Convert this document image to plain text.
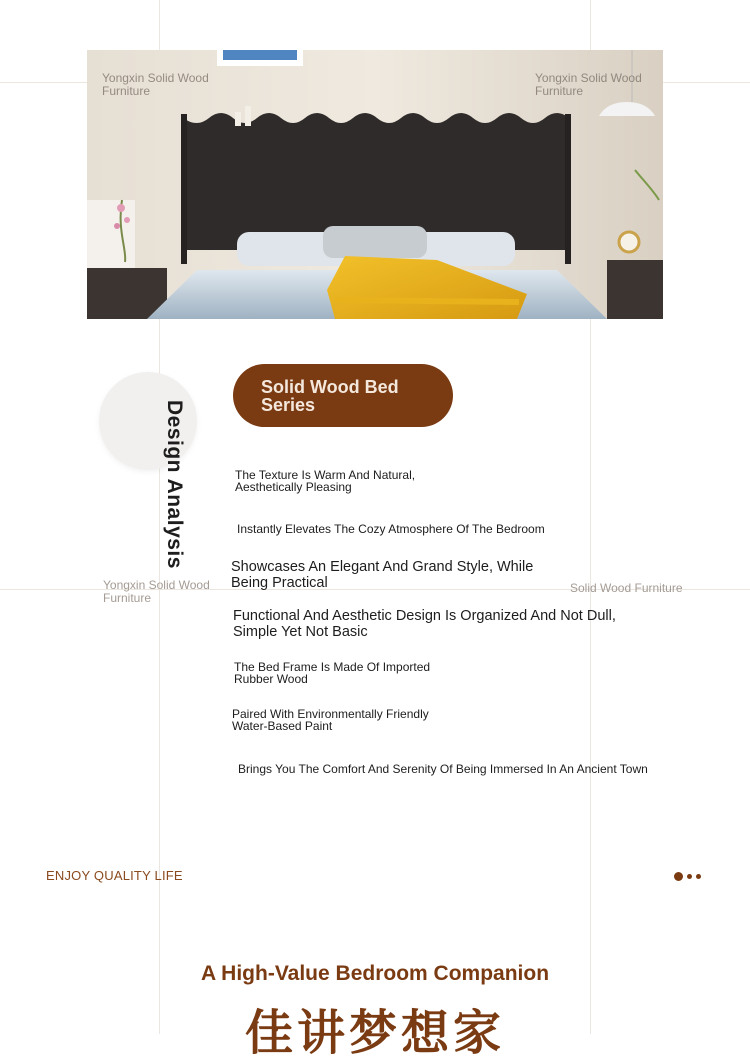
Yongxin Solid Wood Furniture
Yongxin Solid Wood Furniture
Design Analysis
Solid Wood Bed Series
The Texture Is Warm And Natural, Aesthetically Pleasing
Instantly Elevates The Cozy Atmosphere Of The Bedroom
Showcases An Elegant And Grand Style, While Being Practical
Functional And Aesthetic Design Is Organized And Not Dull, Simple Yet Not Basic
The Bed Frame Is Made Of Imported Rubber Wood
Paired With Environmentally Friendly Water-Based Paint
Brings You The Comfort And Serenity Of Being Immersed In An Ancient Town
Yongxin Solid Wood Furniture
Solid Wood Furniture
ENJOY QUALITY LIFE
A High-Value Bedroom Companion
佳讲梦想家
